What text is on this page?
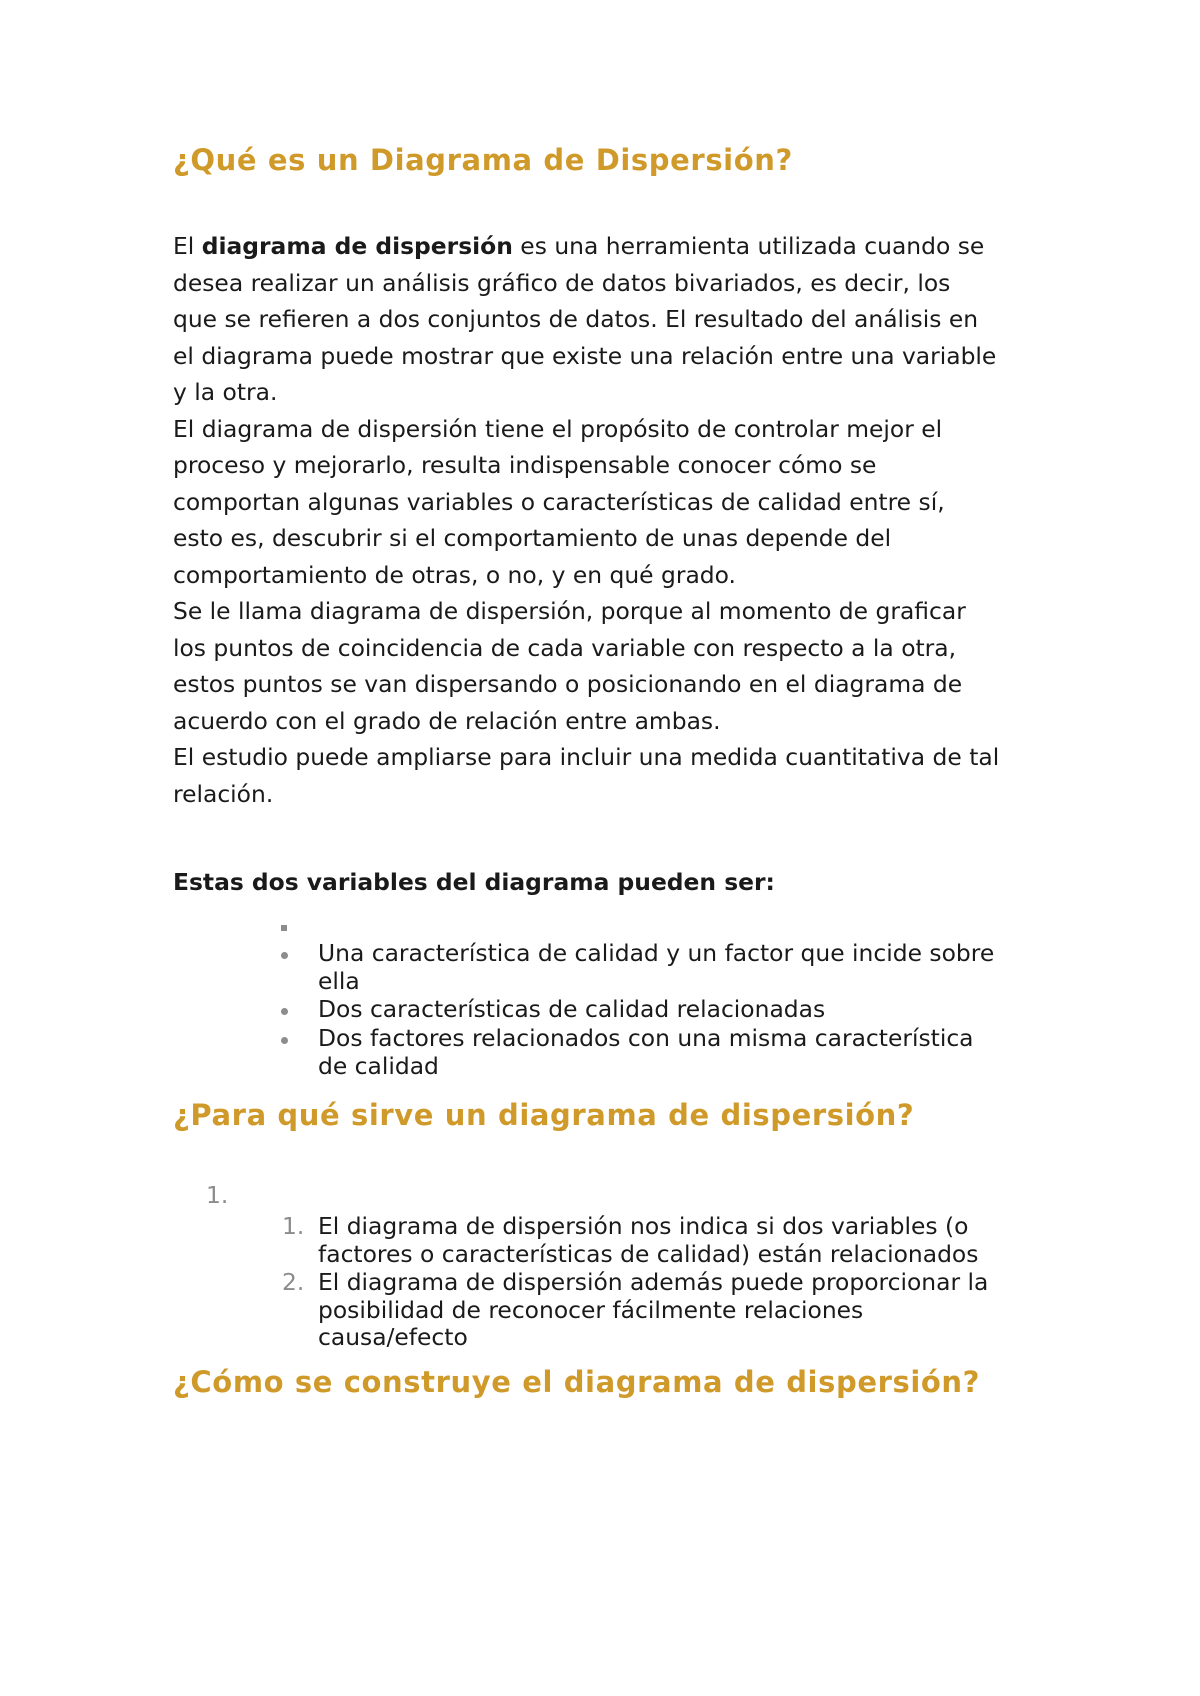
¿Qué es un Diagrama de Dispersión?

El diagrama de dispersión es una herramienta utilizada cuando se
desea realizar un análisis gráfico de datos bivariados, es decir, los
que se refieren a dos conjuntos de datos. El resultado del análisis en
el diagrama puede mostrar que existe una relación entre una variable
y la otra.
El diagrama de dispersión tiene el propósito de controlar mejor el
proceso y mejorarlo, resulta indispensable conocer cómo se
comportan algunas variables o características de calidad entre sí,
esto es, descubrir si el comportamiento de unas depende del
comportamiento de otras, o no, y en qué grado.
Se le llama diagrama de dispersión, porque al momento de graficar
los puntos de coincidencia de cada variable con respecto a la otra,
estos puntos se van dispersando o posicionando en el diagrama de
acuerdo con el grado de relación entre ambas.
El estudio puede ampliarse para incluir una medida cuantitativa de tal
relación.

Estas dos variables del diagrama pueden ser:

Una característica de calidad y un factor que incide sobre
ella
Dos características de calidad relacionadas
Dos factores relacionados con una misma característica
de calidad
¿Para qué sirve un diagrama de dispersión?
1.
1. El diagrama de dispersión nos indica si dos variables (o
factores o características de calidad) están relacionados
2. El diagrama de dispersión además puede proporcionar la
posibilidad de reconocer fácilmente relaciones
causa/efecto
¿Cómo se construye el diagrama de dispersión?
